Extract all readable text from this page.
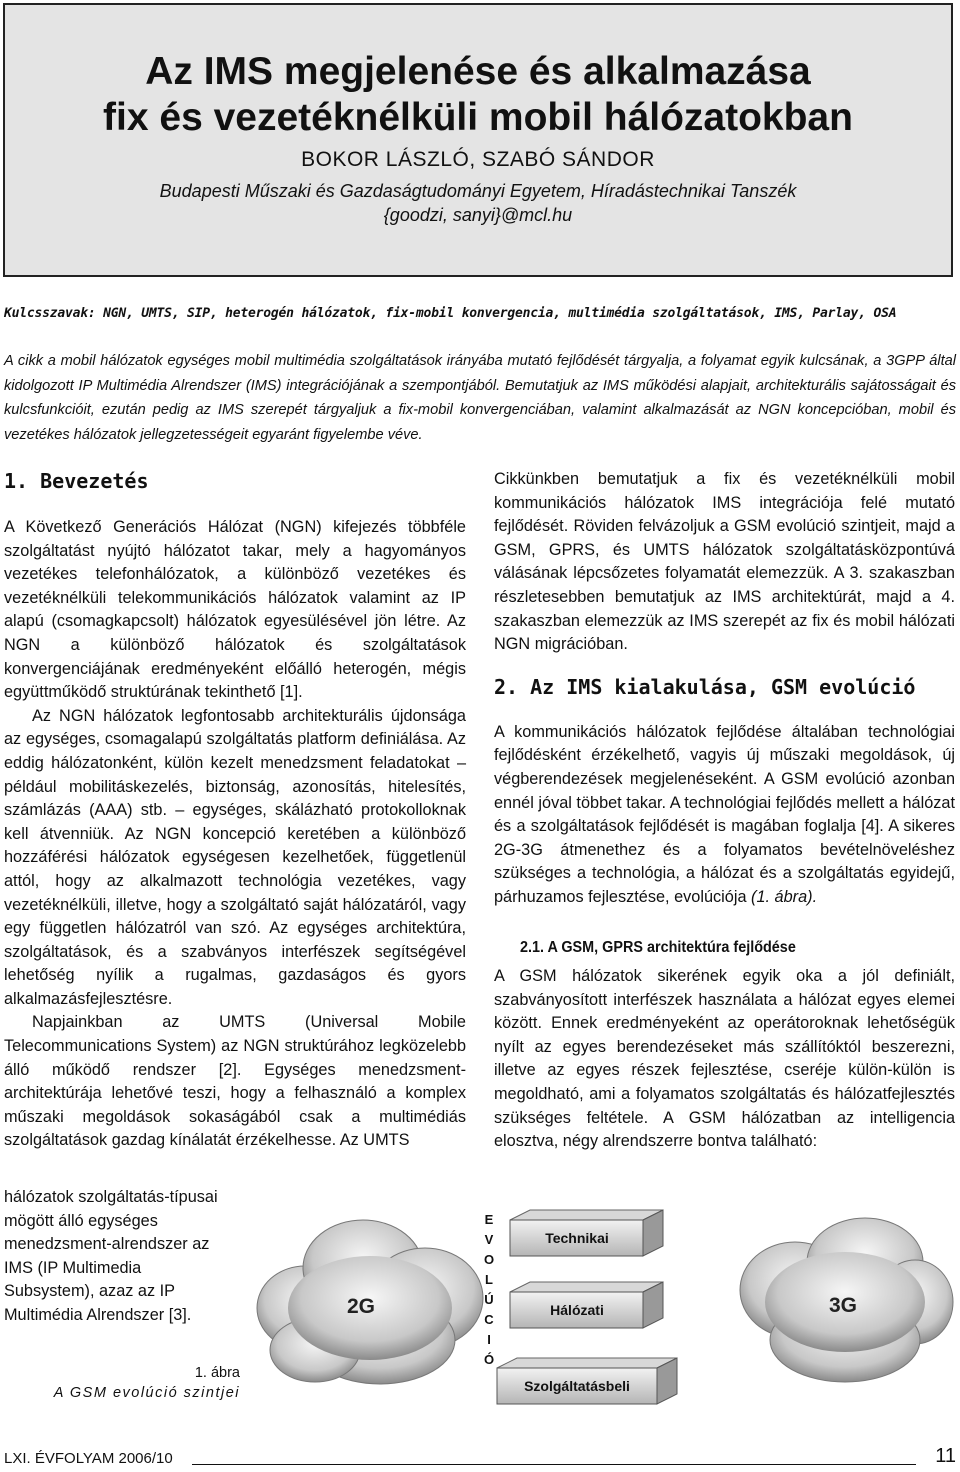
Az IMS megjelenése és alkalmazása
fix és vezetéknélküli mobil hálózatokban
BOKOR LÁSZLÓ, SZABÓ SÁNDOR
Budapesti Műszaki és Gazdaságtudományi Egyetem, Híradástechnikai Tanszék
{goodzi, sanyi}@mcl.hu
Kulcsszavak: NGN, UMTS, SIP, heterogén hálózatok, fix-mobil konvergencia, multimédia szolgáltatások, IMS, Parlay, OSA
A cikk a mobil hálózatok egységes mobil multimédia szolgáltatások irányába mutató fejlődését tárgyalja, a folyamat egyik kulcsának, a 3GPP által kidolgozott IP Multimédia Alrendszer (IMS) integrációjának a szempontjából. Bemutatjuk az IMS működési alapjait, architekturális sajátosságait és kulcsfunkcióit, ezután pedig az IMS szerepét tárgyaljuk a fix-mobil konvergenciában, valamint alkalmazását az NGN koncepcióban, mobil és vezetékes hálózatok jellegzetességeit egyaránt figyelembe véve.
1. Bevezetés

A Következő Generációs Hálózat (NGN) kifejezés többféle szolgáltatást nyújtó hálózatot takar, mely a hagyományos vezetékes telefonhálózatok, a különböző vezetékes és vezetéknélküli telekommunikációs hálózatok valamint az IP alapú (csomagkapcsolt) hálózatok egyesülésével jön létre. Az NGN a különböző hálózatok és szolgáltatások konvergenciájának eredményeként előálló heterogén, mégis együttműködő struktúrának tekinthető [1].

Az NGN hálózatok legfontosabb architekturális újdonsága az egységes, csomagalapú szolgáltatás platform definiálása. Az eddig hálózatonként, külön kezelt menedzsment feladatokat – például mobilitáskezelés, biztonság, azonosítás, hitelesítés, számlázás (AAA) stb. – egységes, skálázható protokolloknak kell átvenniük. Az NGN koncepció keretében a különböző hozzáférési hálózatok egységesen kezelhetőek, függetlenül attól, hogy az alkalmazott technológia vezetékes, vagy vezetéknélküli, illetve, hogy a szolgáltató saját hálózatáról, vagy egy független hálózatról van szó. Az egységes architektúra, szolgáltatások, és a szabványos interfészek segítségével lehetőség nyílik a rugalmas, gazdaságos és gyors alkalmazásfejlesztésre.

Napjainkban az UMTS (Universal Mobile Telecommunications System) az NGN struktúrához legközelebb álló működő rendszer [2]. Egységes menedzsment-architektúrája lehetővé teszi, hogy a felhasználó a komplex műszaki megoldások sokaságából csak a multimédiás szolgáltatások gazdag kínálatát érzékelhesse. Az UMTS

hálózatok szolgáltatás-típusai mögött álló egységes menedzsment-alrendszer az IMS (IP Multimedia Subsystem), azaz az IP Multimédia Alrendszer [3].

Cikkünkben bemutatjuk a fix és vezetéknélküli mobil kommunikációs hálózatok IMS integrációja felé mutató fejlődését. Röviden felvázoljuk a GSM evolúció szintjeit, majd a GSM, GPRS, és UMTS hálózatok szolgáltatásközpontúvá válásának lépcsőzetes folyamatát elemezzük. A 3. szakaszban részletesebben bemutatjuk az IMS architektúrát, majd a 4. szakaszban elemezzük az IMS szerepét az fix és mobil hálózati NGN migrációban.

2. Az IMS kialakulása, GSM evolúció

A kommunikációs hálózatok fejlődése általában technológiai fejlődésként érzékelhető, vagyis új műszaki megoldások, új végberendezések megjelenéseként. A GSM evolúció azonban ennél jóval többet takar. A technológiai fejlődés mellett a hálózat és a szolgáltatások fejlődését is magában foglalja [4]. A sikeres 2G-3G átmenethez és a folyamatos bevételnöveléshez szükséges a technológia, a hálózat és a szolgáltatás egyidejű, párhuzamos fejlesztése, evolúciója (1. ábra).

2.1. A GSM, GPRS architektúra fejlődése

A GSM hálózatok sikerének egyik oka a jól definiált, szabványosított interfészek használata a hálózat egyes elemei között. Ennek eredményeként az operátoroknak lehetőségük nyílt az egyes berendezéseket más szállítóktól beszerezni, illetve az egyes részek fejlesztése, cseréje külön-külön is megoldható, ami a folyamatos szolgáltatás és hálózatfejlesztés szükséges feltétele. A GSM hálózatban az intelligencia elosztva, négy alrendszerre bontva található:

2G	3G
E
V
O
L
Ú
C
I
Ó
Technikai
Hálózati
Szolgáltatásbeli
1. ábra
A GSM evolúció szintjei
LXI. ÉVFOLYAM 2006/10	11
